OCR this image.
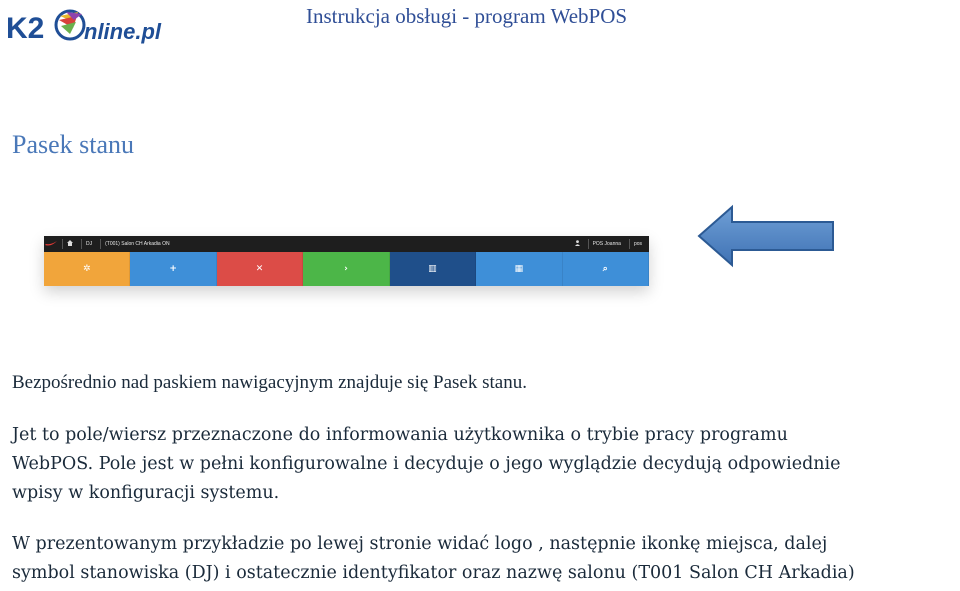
K2 nline.pl
Instrukcja obsługi - program WebPOS
Pasek stanu
DJ	(T001) Salon CH Arkadia ON	POS Joanna	pos
✲	+	✕	›	▥	▦	⌕
Bezpośrednio nad paskiem nawigacyjnym znajduje się Pasek stanu.
Jet to pole/wiersz przeznaczone do informowania użytkownika o trybie pracy programu
WebPOS. Pole jest w pełni konfigurowalne i decyduje o jego wyglądzie decydują odpowiednie
wpisy w konfiguracji systemu.
W prezentowanym przykładzie po lewej stronie widać logo , następnie ikonkę miejsca, dalej
symbol stanowiska (DJ) i ostatecznie identyfikator oraz nazwę salonu (T001 Salon CH Arkadia)
